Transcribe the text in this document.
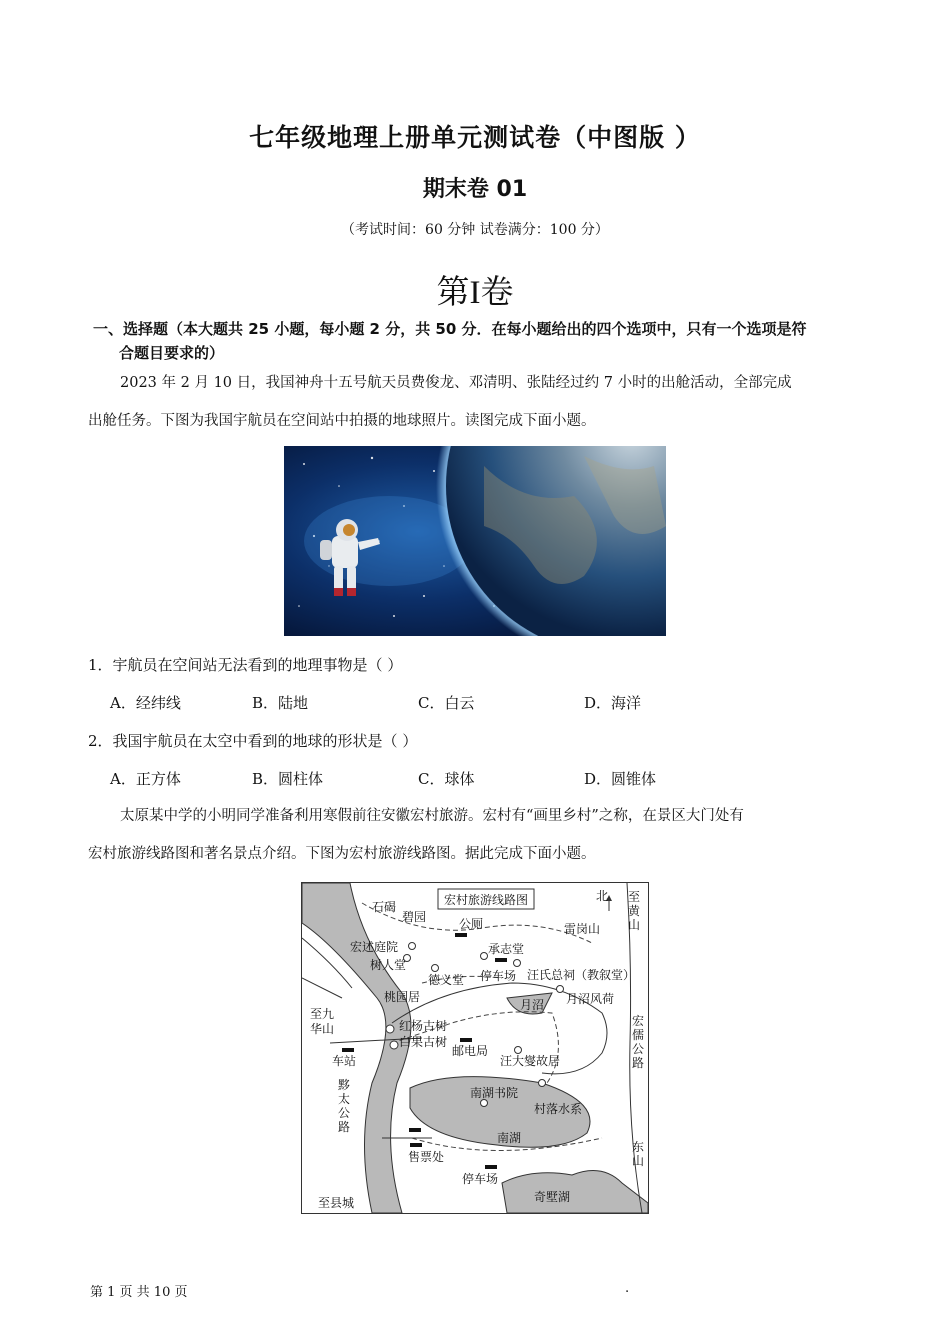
七年级地理上册单元测试卷（中图版 ）
期末卷 01
（考试时间：60 分钟 试卷满分：100 分）
第I卷
一、选择题（本大题共 25 小题，每小题 2 分，共 50 分．在每小题给出的四个选项中，只有一个选项是符
合题目要求的）
2023 年 2 月 10 日，我国神舟十五号航天员费俊龙、邓清明、张陆经过约 7 小时的出舱活动，全部完成
出舱任务。下图为我国宇航员在空间站中拍摄的地球照片。读图完成下面小题。
1．宇航员在空间站无法看到的地理事物是（ ）
A．经纬线	B．陆地	C．白云	D．海洋
2．我国宇航员在太空中看到的地球的形状是（ ）
A．正方体	B．圆柱体	C．球体	D．圆锥体
太原某中学的小明同学准备利用寒假前往安徽宏村旅游。宏村有“画里乡村”之称，在景区大门处有
宏村旅游线路图和著名景点介绍。下图为宏村旅游线路图。据此完成下面小题。
宏村旅游线路图	北
石碣
碧园	公厕	雷岗山
至
黄
山
宏述庭院
树人堂
承志堂
德义堂 停车场 汪氏总祠（教叙堂）
桃园居	月沼风荷
月沼
至九
华山	红杨古树
白果古树
邮电局
车站	汪大燮故居
宏
儒
公
路
黟
太
公
路
南湖书院
村落水系
南湖
售票处
东
山
停车场
奇墅湖
至县城
第 1 页 共 10 页	.
